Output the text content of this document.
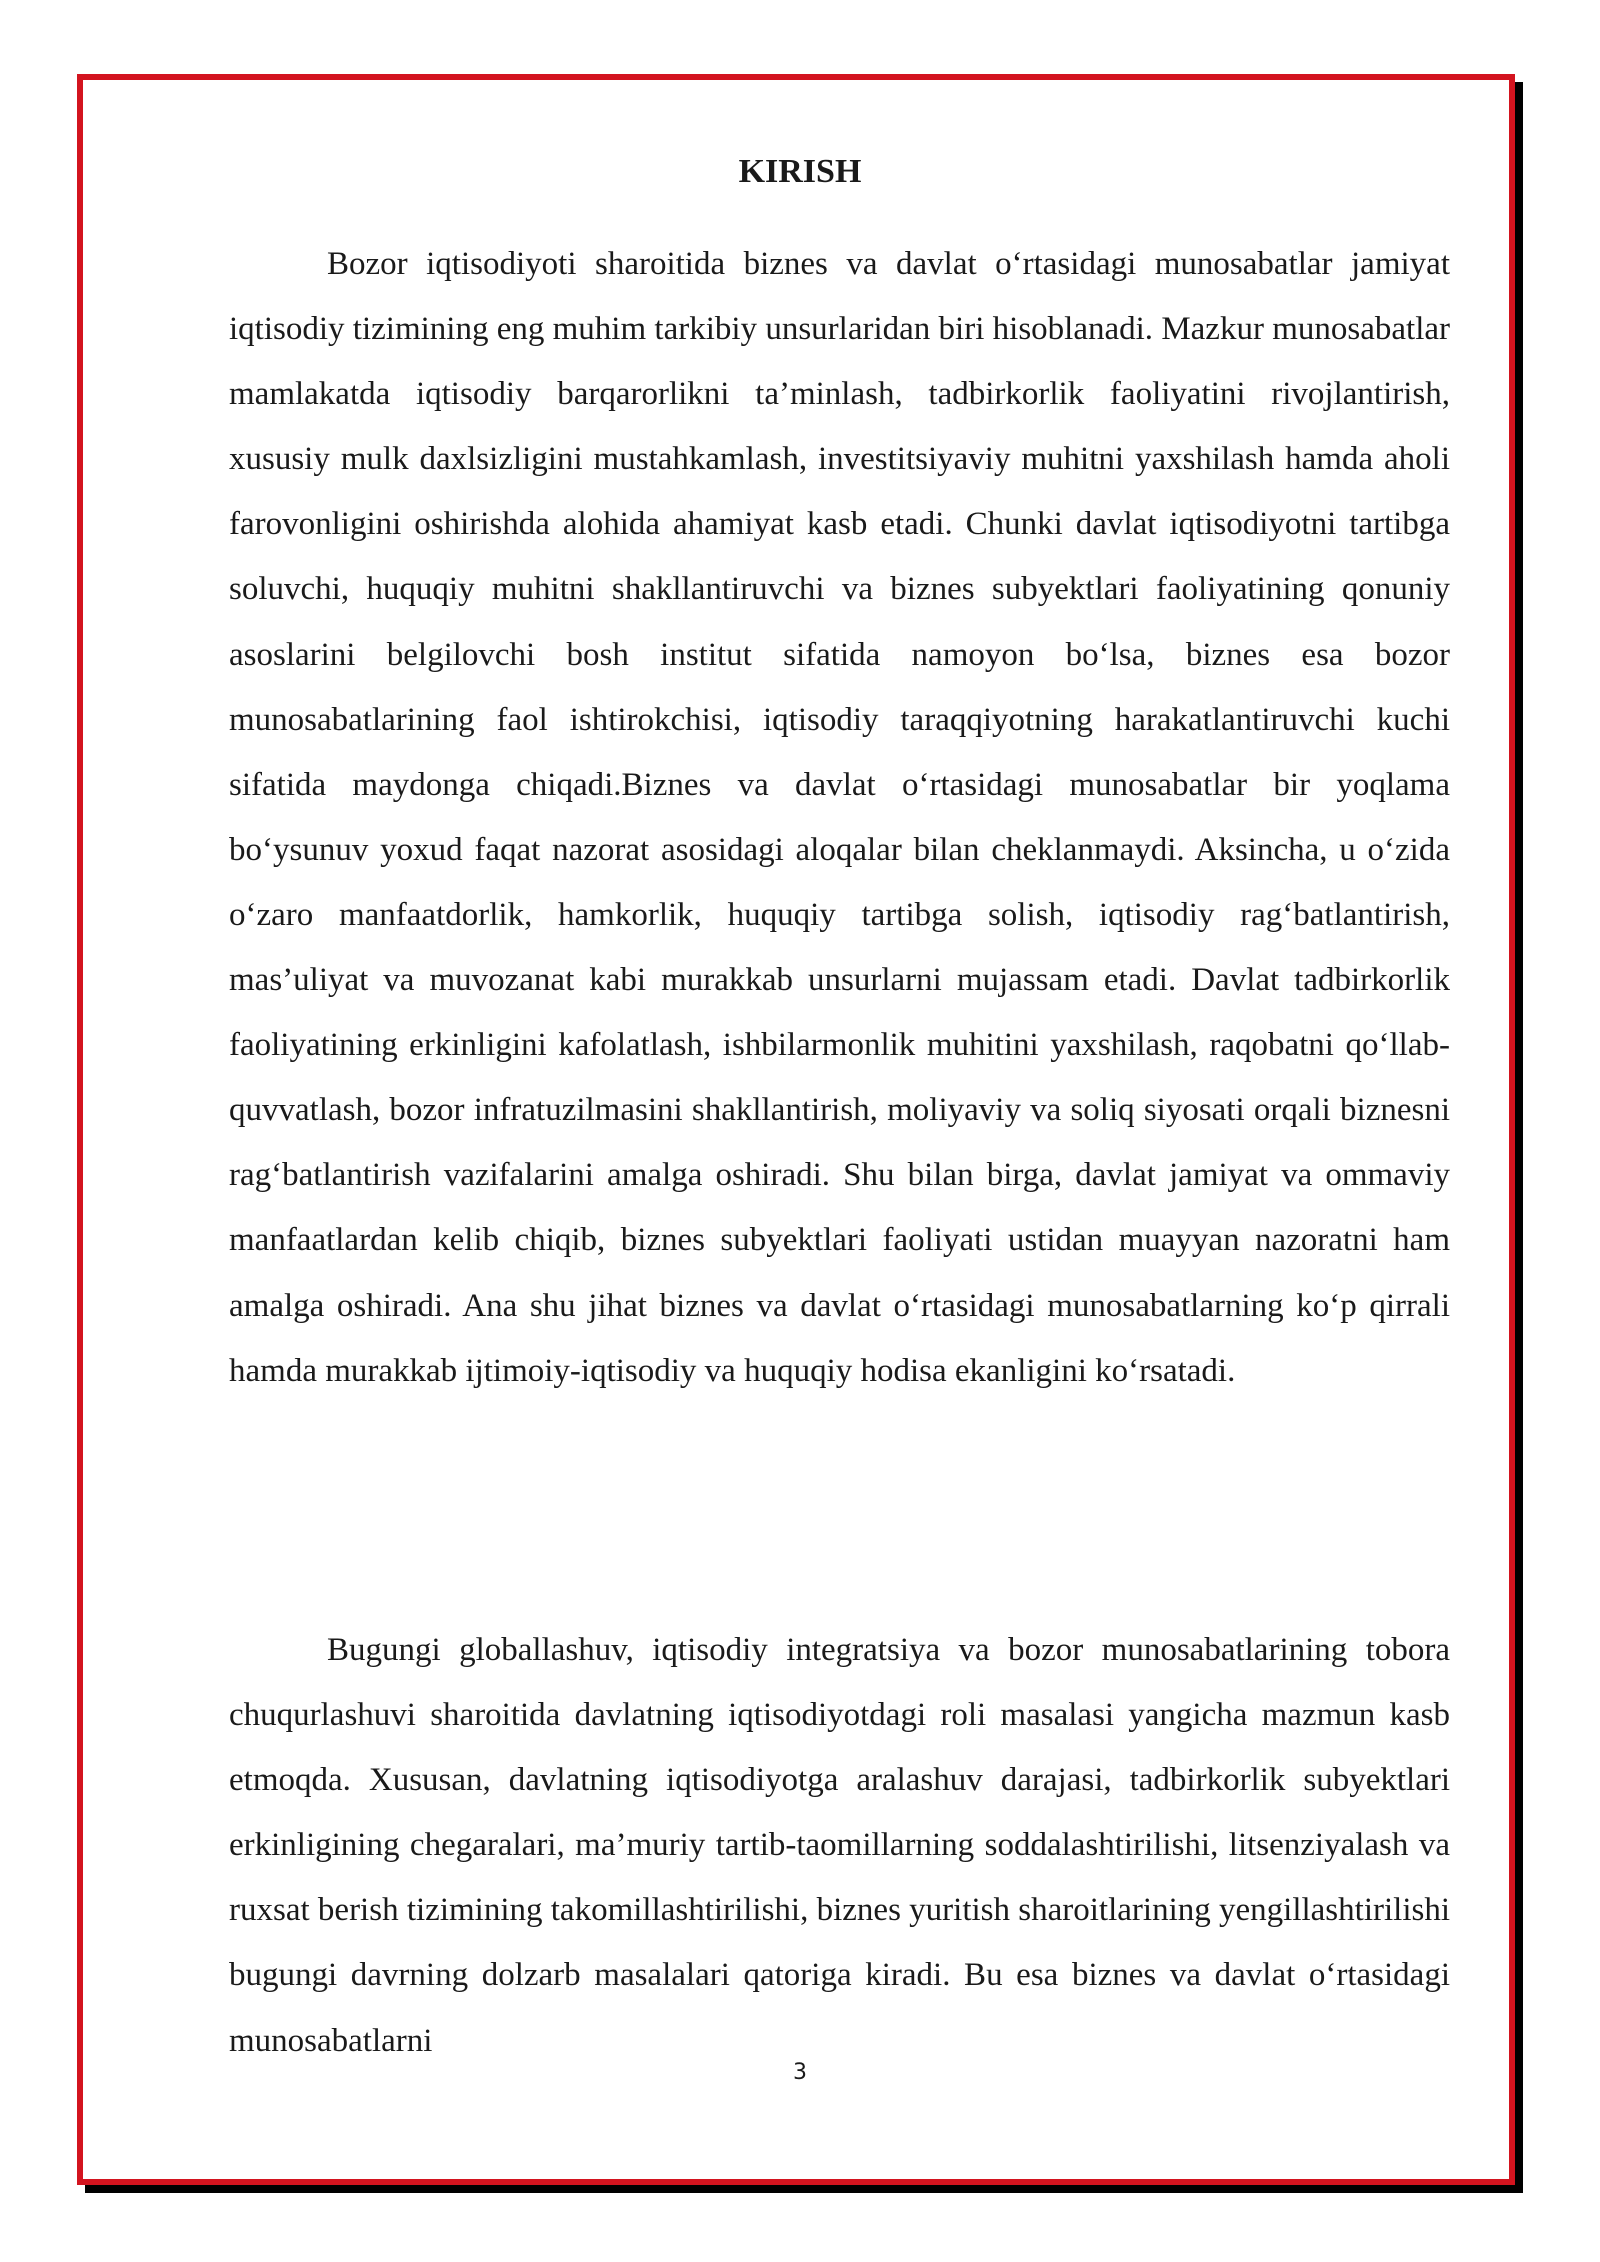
KIRISH

Bozor iqtisodiyoti sharoitida biznes va davlat o‘rtasidagi munosabatlar jamiyat iqtisodiy tizimining eng muhim tarkibiy unsurlaridan biri hisoblanadi. Mazkur munosabatlar mamlakatda iqtisodiy barqarorlikni ta’minlash, tadbirkorlik faoliyatini rivojlantirish, xususiy mulk daxlsizligini mustahkamlash, investitsiyaviy muhitni yaxshilash hamda aholi farovonligini oshirishda alohida ahamiyat kasb etadi. Chunki davlat iqtisodiyotni tartibga soluvchi, huquqiy muhitni shakllantiruvchi va biznes subyektlari faoliyatining qonuniy asoslarini belgilovchi bosh institut sifatida namoyon bo‘lsa, biznes esa bozor munosabatlarining faol ishtirokchisi, iqtisodiy taraqqiyotning harakatlantiruvchi kuchi sifatida maydonga chiqadi.Biznes va davlat o‘rtasidagi munosabatlar bir yoqlama bo‘ysunuv yoxud faqat nazorat asosidagi aloqalar bilan cheklanmaydi. Aksincha, u o‘zida o‘zaro manfaatdorlik, hamkorlik, huquqiy tartibga solish, iqtisodiy rag‘batlantirish, mas’uliyat va muvozanat kabi murakkab unsurlarni mujassam etadi. Davlat tadbirkorlik faoliyatining erkinligini kafolatlash, ishbilarmonlik muhitini yaxshilash, raqobatni qo‘llab-quvvatlash, bozor infratuzilmasini shakllantirish, moliyaviy va soliq siyosati orqali biznesni rag‘batlantirish vazifalarini amalga oshiradi. Shu bilan birga, davlat jamiyat va ommaviy manfaatlardan kelib chiqib, biznes subyektlari faoliyati ustidan muayyan nazoratni ham amalga oshiradi. Ana shu jihat biznes va davlat o‘rtasidagi munosabatlarning ko‘p qirrali hamda murakkab ijtimoiy-iqtisodiy va huquqiy hodisa ekanligini ko‘rsatadi.

Bugungi globallashuv, iqtisodiy integratsiya va bozor munosabatlarining tobora chuqurlashuvi sharoitida davlatning iqtisodiyotdagi roli masalasi yangicha mazmun kasb etmoqda. Xususan, davlatning iqtisodiyotga aralashuv darajasi, tadbirkorlik subyektlari erkinligining chegaralari, ma’muriy tartib-taomillarning soddalashtirilishi, litsenziyalash va ruxsat berish tizimining takomillashtirilishi, biznes yuritish sharoitlarining yengillashtirilishi bugungi davrning dolzarb masalalari qatoriga kiradi. Bu esa biznes va davlat o‘rtasidagi munosabatlarni

3
